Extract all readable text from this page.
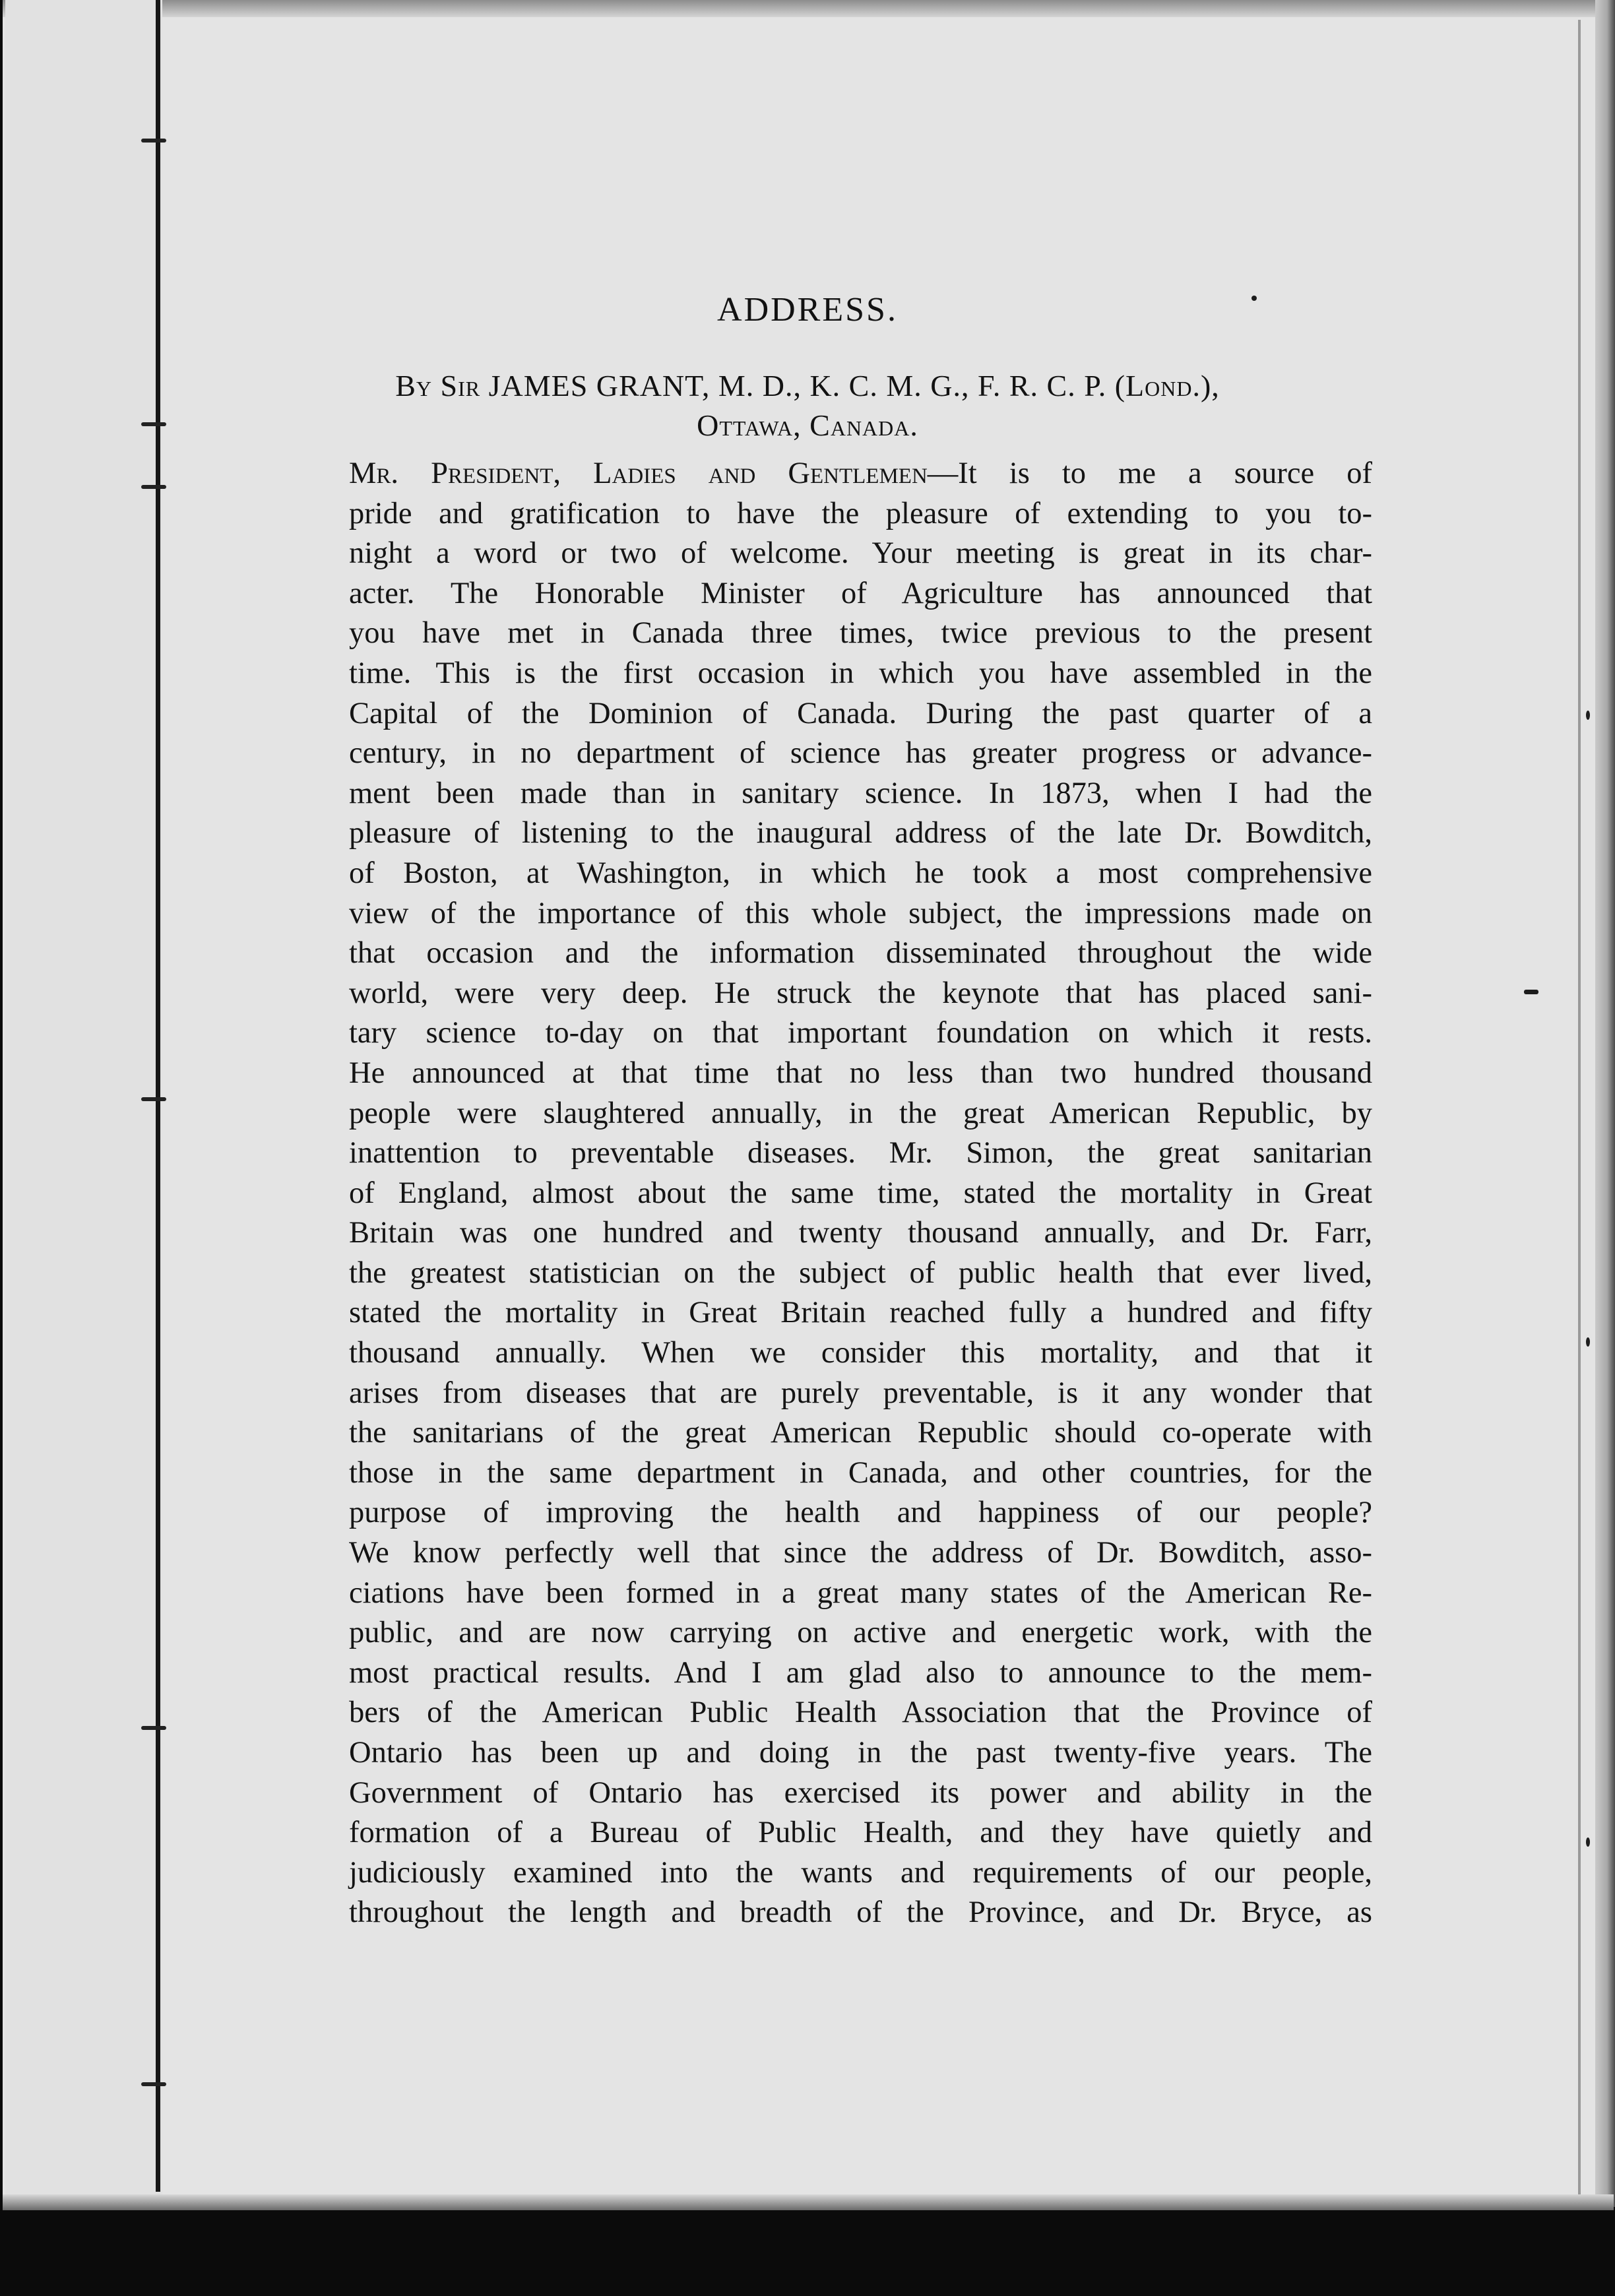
ADDRESS.
By Sir JAMES GRANT, M. D., K. C. M. G., F. R. C. P. (Lond.),
Ottawa, Canada.
Mr. President, Ladies and Gentlemen—It is to me a source of
pride and gratification to have the pleasure of extending to you to-
night a word or two of welcome. Your meeting is great in its char-
acter. The Honorable Minister of Agriculture has announced that
you have met in Canada three times, twice previous to the present
time. This is the first occasion in which you have assembled in the
Capital of the Dominion of Canada. During the past quarter of a
century, in no department of science has greater progress or advance-
ment been made than in sanitary science. In 1873, when I had the
pleasure of listening to the inaugural address of the late Dr. Bowditch,
of Boston, at Washington, in which he took a most comprehensive
view of the importance of this whole subject, the impressions made on
that occasion and the information disseminated throughout the wide
world, were very deep. He struck the keynote that has placed sani-
tary science to-day on that important foundation on which it rests.
He announced at that time that no less than two hundred thousand
people were slaughtered annually, in the great American Republic, by
inattention to preventable diseases. Mr. Simon, the great sanitarian
of England, almost about the same time, stated the mortality in Great
Britain was one hundred and twenty thousand annually, and Dr. Farr,
the greatest statistician on the subject of public health that ever lived,
stated the mortality in Great Britain reached fully a hundred and fifty
thousand annually. When we consider this mortality, and that it
arises from diseases that are purely preventable, is it any wonder that
the sanitarians of the great American Republic should co-operate with
those in the same department in Canada, and other countries, for the
purpose of improving the health and happiness of our people?
We know perfectly well that since the address of Dr. Bowditch, asso-
ciations have been formed in a great many states of the American Re-
public, and are now carrying on active and energetic work, with the
most practical results. And I am glad also to announce to the mem-
bers of the American Public Health Association that the Province of
Ontario has been up and doing in the past twenty-five years. The
Government of Ontario has exercised its power and ability in the
formation of a Bureau of Public Health, and they have quietly and
judiciously examined into the wants and requirements of our people,
throughout the length and breadth of the Province, and Dr. Bryce, as
